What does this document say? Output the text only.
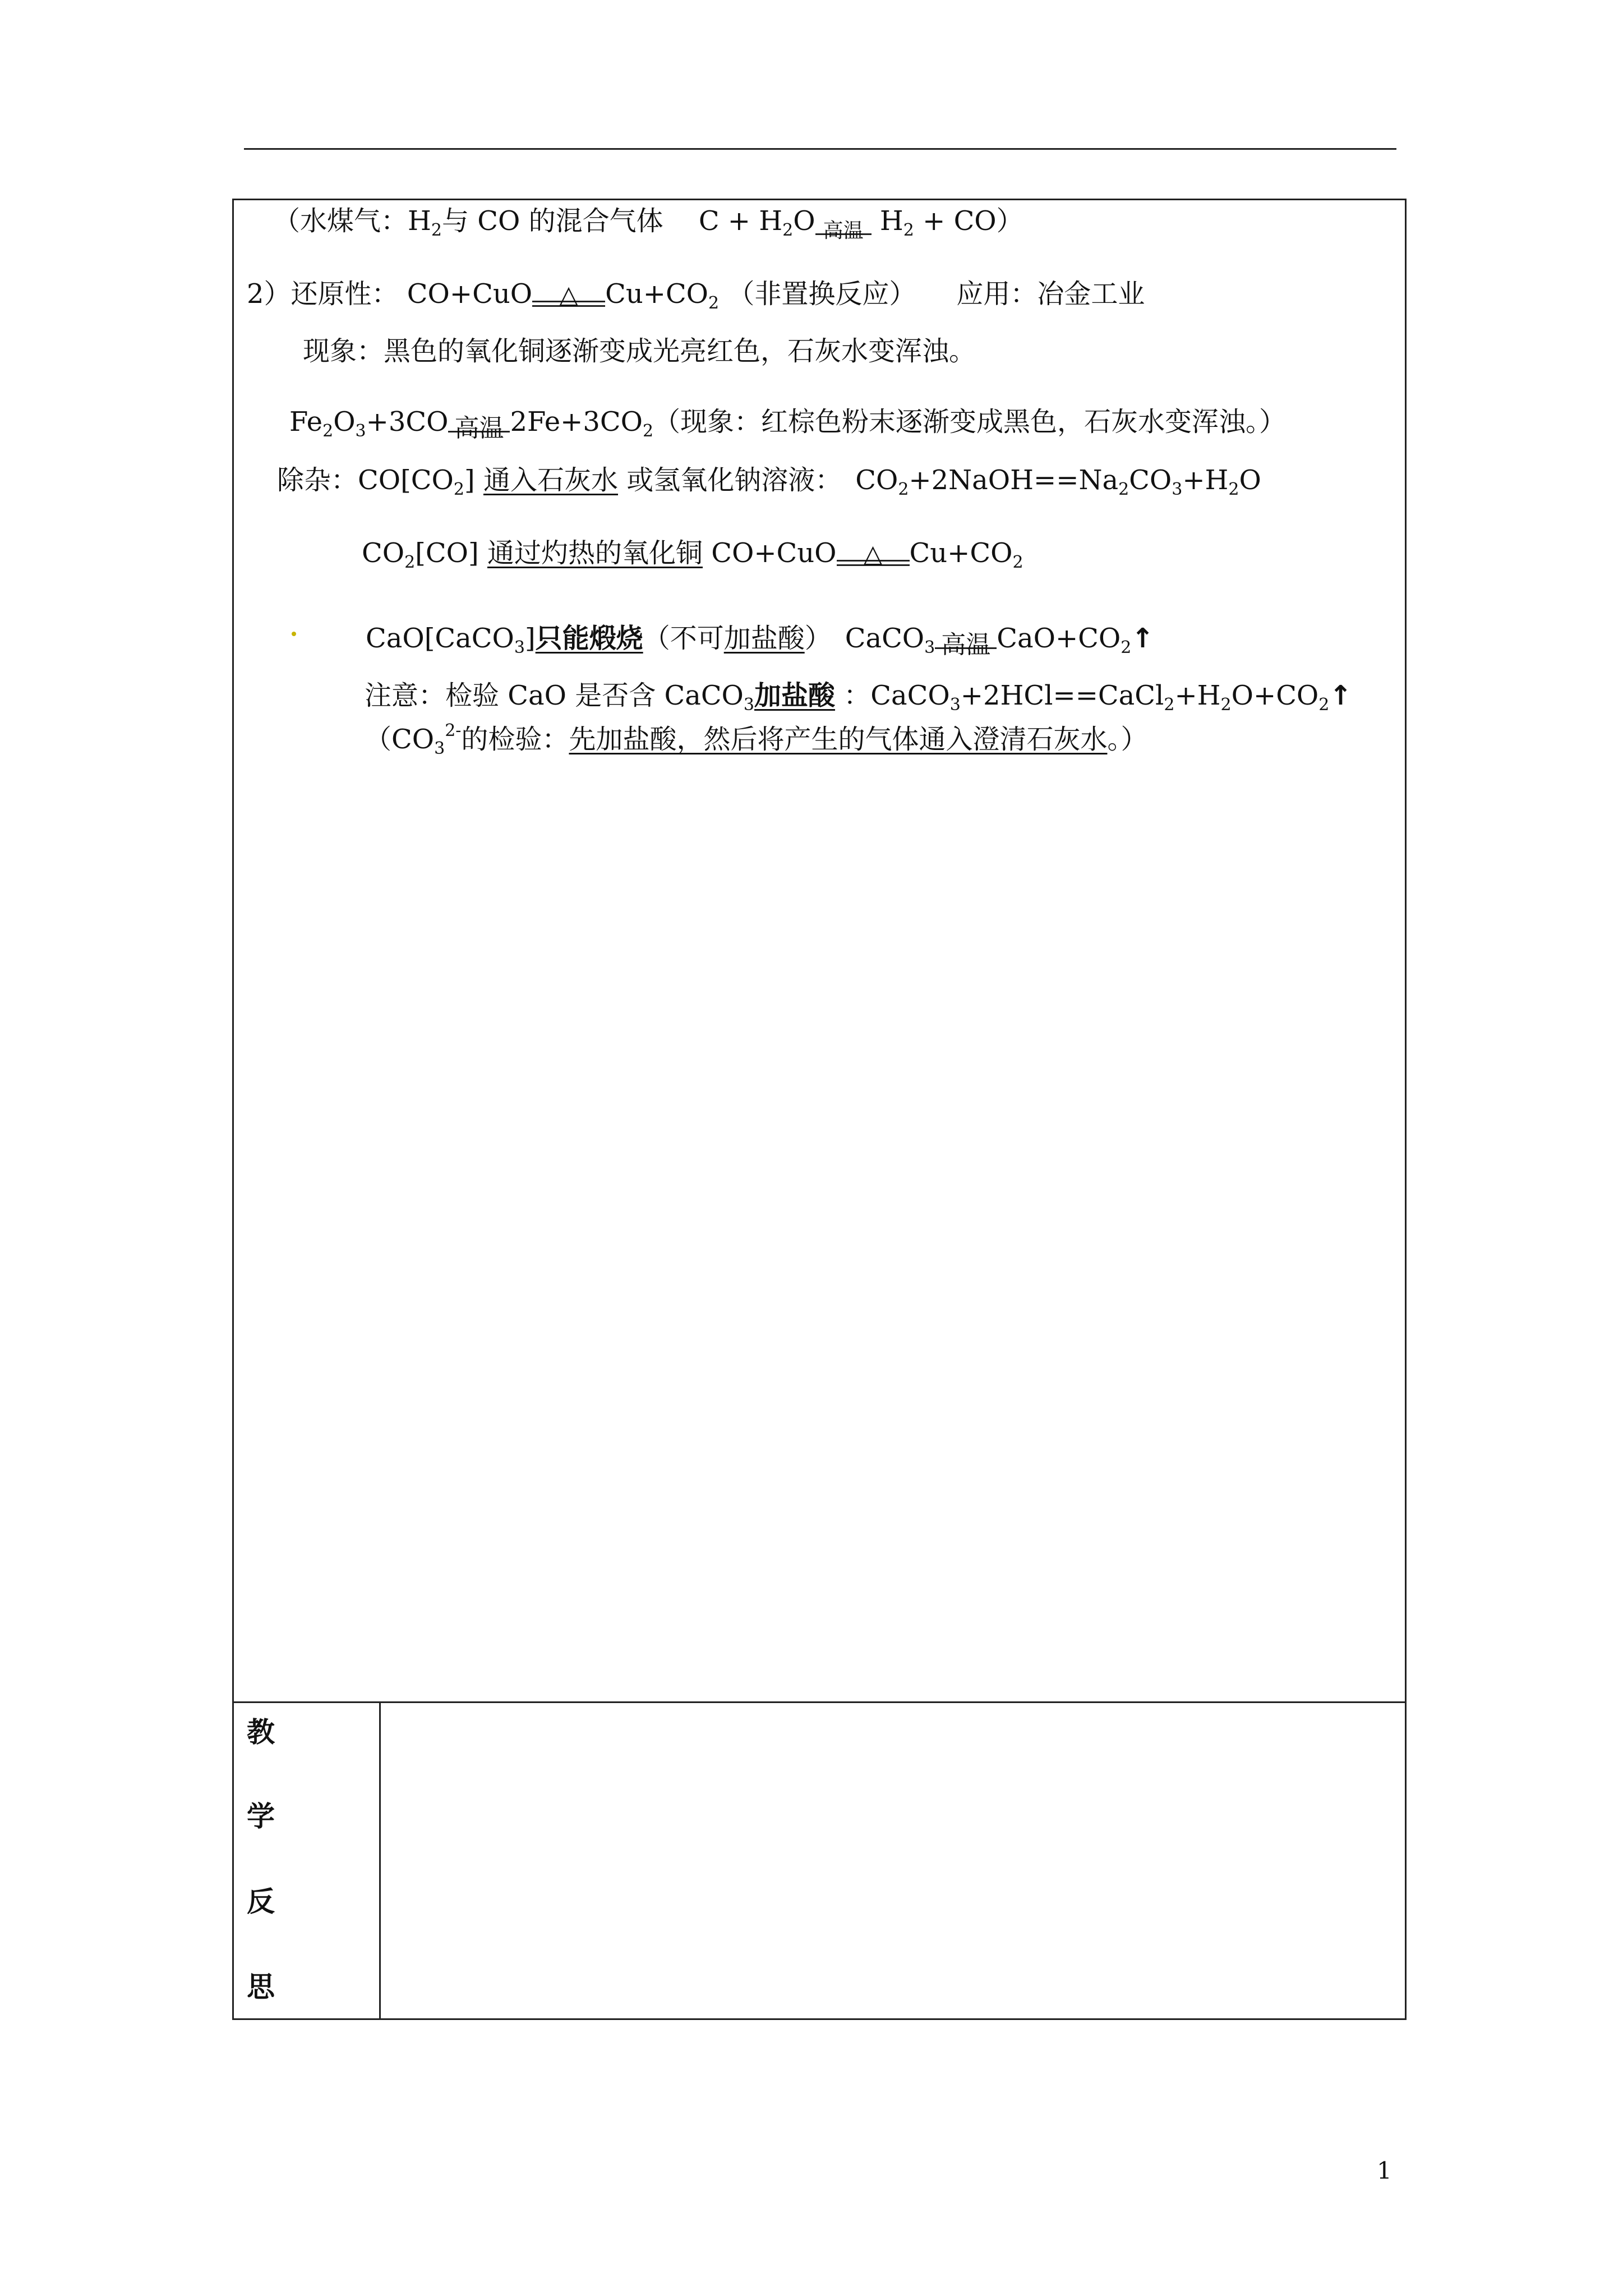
（水煤气：$H_2$与 CO 的混合气体　 $C + H_2O$ 高温 $H_2 + CO$）
2）还原性： CO+CuO	△	$Cu+CO_2$ （非置换反应）　　应用：冶金工业
现象：黑色的氧化铜逐渐变成光亮红色，石灰水变浑浊。
$Fe_2O_3+3CO$ 高温 $2Fe+3CO_2$（现象：红棕色粉末逐渐变成黑色，石灰水变浑浊。）
除杂：$CO[CO_2]$ 通入石灰水 或氢氧化钠溶液：　$CO_2+2NaOH==Na_2CO_3+H_2O$
$CO_2[CO]$ 通过灼热的氧化铜 CO+CuO	△	$Cu+CO_2$
CaO[CaCO$_3$]只能煅烧（不可加盐酸）　CaCO$_3$ 高温 $CaO+CO_2↑$
注意：检验 CaO 是否含 CaCO$_3$加盐酸 ：$CaCO_3+2HCl==CaCl_2+H_2O+CO_2↑$
（$CO_3^{2-}$的检验：先加盐酸，然后将产生的气体通入澄清石灰水。）
教
学
反
思
1
